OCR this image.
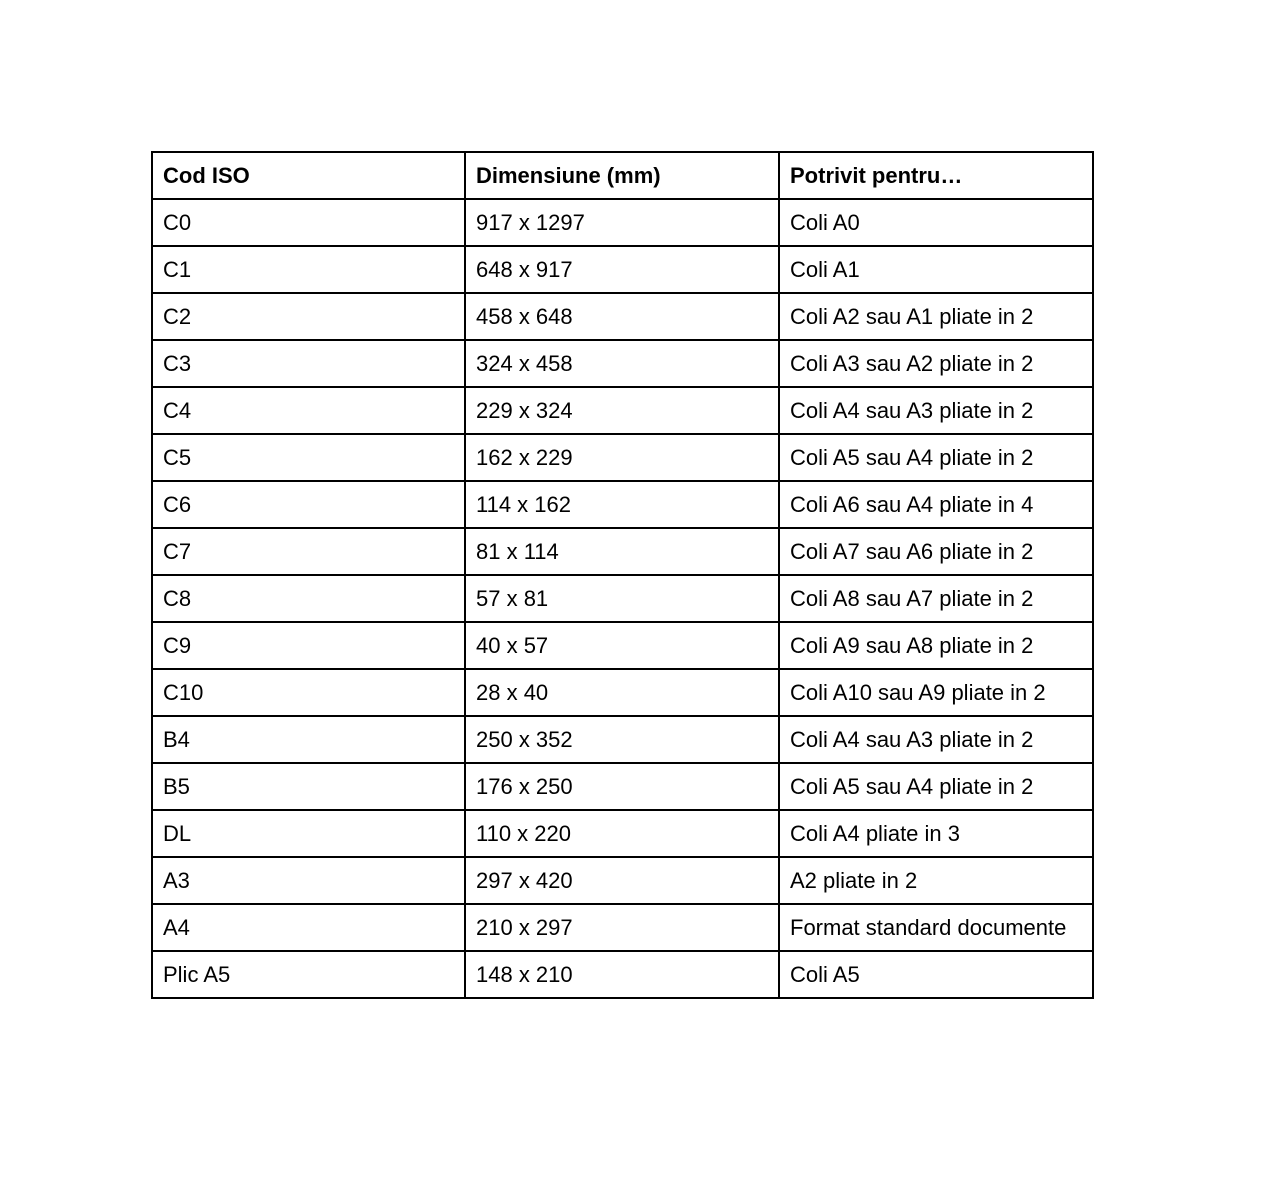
Cod ISO	Dimensiune (mm)	Potrivit pentru…
C0	917 x 1297	Coli A0
C1	648 x 917	Coli A1
C2	458 x 648	Coli A2 sau A1 pliate in 2
C3	324 x 458	Coli A3 sau A2 pliate in 2
C4	229 x 324	Coli A4 sau A3 pliate in 2
C5	162 x 229	Coli A5 sau A4 pliate in 2
C6	114 x 162	Coli A6 sau A4 pliate in 4
C7	81 x 114	Coli A7 sau A6 pliate in 2
C8	57 x 81	Coli A8 sau A7 pliate in 2
C9	40 x 57	Coli A9 sau A8 pliate in 2
C10	28 x 40	Coli A10 sau A9 pliate in 2
B4	250 x 352	Coli A4 sau A3 pliate in 2
B5	176 x 250	Coli A5 sau A4 pliate in 2
DL	110 x 220	Coli A4 pliate in 3
A3	297 x 420	A2 pliate in 2
A4	210 x 297	Format standard documente
Plic A5	148 x 210	Coli A5
